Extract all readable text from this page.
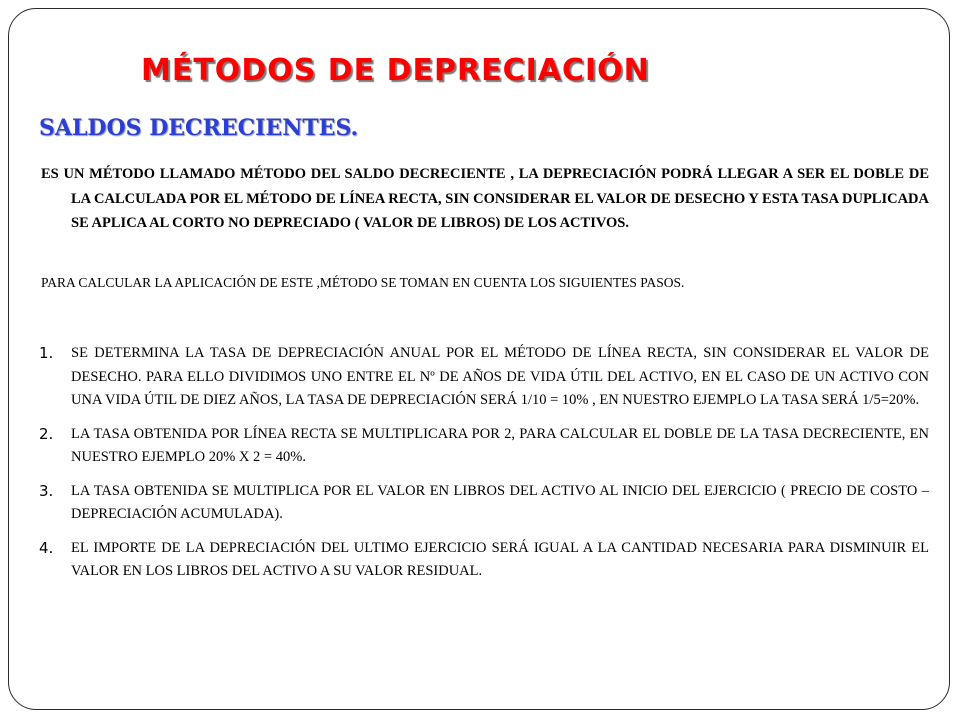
MÉTODOS DE DEPRECIACIÓN
SALDOS DECRECIENTES.

ES UN MÉTODO LLAMADO MÉTODO DEL SALDO DECRECIENTE , LA DEPRECIACIÓN PODRÁ LLEGAR A SER EL DOBLE DE LA CALCULADA POR EL MÉTODO DE LÍNEA RECTA, SIN CONSIDERAR EL VALOR DE DESECHO Y ESTA TASA DUPLICADA SE APLICA AL CORTO NO DEPRECIADO ( VALOR DE LIBROS) DE LOS ACTIVOS.

PARA CALCULAR LA APLICACIÓN DE ESTE ,MÉTODO SE TOMAN EN CUENTA LOS SIGUIENTES PASOS.

1. SE DETERMINA LA TASA DE DEPRECIACIÓN ANUAL POR EL MÉTODO DE LÍNEA RECTA, SIN CONSIDERAR EL VALOR DE DESECHO. PARA ELLO DIVIDIMOS UNO ENTRE EL Nº DE AÑOS DE VIDA ÚTIL DEL ACTIVO, EN EL CASO DE UN ACTIVO CON UNA VIDA ÚTIL DE DIEZ AÑOS, LA TASA DE DEPRECIACIÓN SERÁ 1/10 = 10% , EN NUESTRO EJEMPLO LA TASA SERÁ 1/5=20%.
2. LA TASA OBTENIDA POR LÍNEA RECTA SE MULTIPLICARA POR 2, PARA CALCULAR EL DOBLE DE LA TASA DECRECIENTE, EN NUESTRO EJEMPLO 20% X 2 = 40%.
3. LA TASA OBTENIDA SE MULTIPLICA POR EL VALOR EN LIBROS DEL ACTIVO AL INICIO DEL EJERCICIO ( PRECIO DE COSTO – DEPRECIACIÓN ACUMULADA).
4. EL IMPORTE DE LA DEPRECIACIÓN DEL ULTIMO EJERCICIO SERÁ IGUAL A LA CANTIDAD NECESARIA PARA DISMINUIR EL VALOR EN LOS LIBROS DEL ACTIVO A SU VALOR RESIDUAL.
